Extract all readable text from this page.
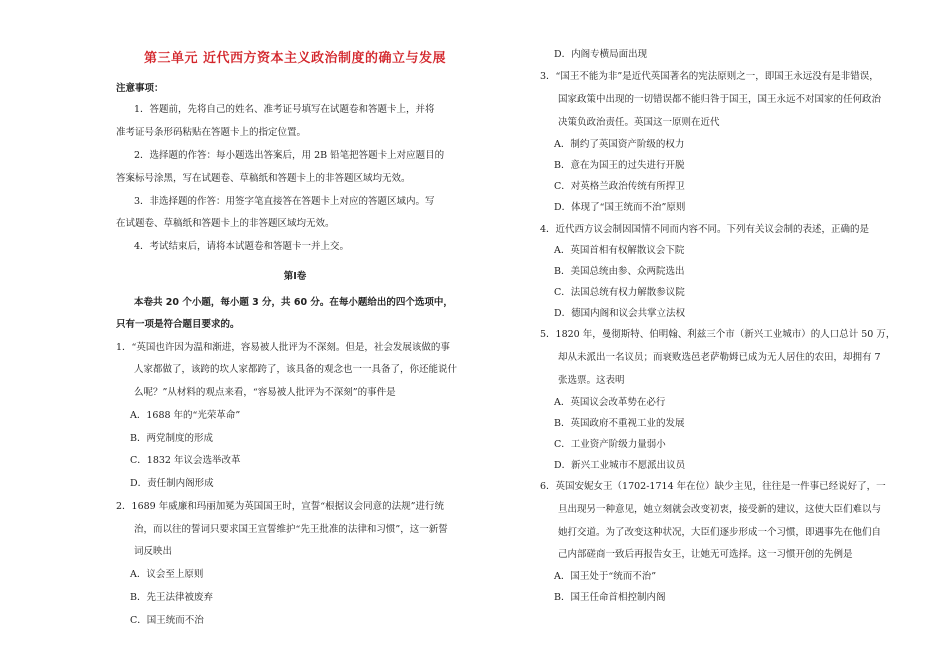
第三单元 近代西方资本主义政治制度的确立与发展
注意事项：
1．答题前，先将自己的姓名、准考证号填写在试题卷和答题卡上，并将
准考证号条形码粘贴在答题卡上的指定位置。
2．选择题的作答：每小题选出答案后，用 2B 铅笔把答题卡上对应题目的
答案标号涂黑，写在试题卷、草稿纸和答题卡上的非答题区域均无效。
3．非选择题的作答：用签字笔直接答在答题卡上对应的答题区域内。写
在试题卷、草稿纸和答题卡上的非答题区域均无效。
4．考试结束后，请将本试题卷和答题卡一并上交。
第Ⅰ卷
本卷共 20 个小题，每小题 3 分，共 60 分。在每小题给出的四个选项中，
只有一项是符合题目要求的。
1．“英国也许因为温和渐进，容易被人批评为不深刻。但是，社会发展该做的事
人家都做了，该跨的坎人家都跨了，该具备的观念也一一具备了，你还能说什
么呢？”从材料的观点来看，“容易被人批评为不深刻”的事件是
A．1688 年的“光荣革命”
B．两党制度的形成
C．1832 年议会选举改革
D．责任制内阁形成
2．1689 年威廉和玛丽加冕为英国国王时，宣誓“根据议会同意的法规”进行统
治，而以往的誓词只要求国王宣誓维护“先王批准的法律和习惯”，这一新誓
词反映出
A．议会至上原则
B．先王法律被废弃
C．国王统而不治
D．内阁专横局面出现
3．“国王不能为非”是近代英国著名的宪法原则之一，即国王永远没有是非错误，
国家政策中出现的一切错误都不能归咎于国王，国王永远不对国家的任何政治
决策负政治责任。英国这一原则在近代
A．制约了英国资产阶级的权力
B．意在为国王的过失进行开脱
C．对英格兰政治传统有所捍卫
D．体现了“国王统而不治”原则
4．近代西方议会制因国情不同而内容不同。下列有关议会制的表述，正确的是
A．英国首相有权解散议会下院
B．美国总统由参、众两院选出
C．法国总统有权力解散参议院
D．德国内阁和议会共掌立法权
5．1820 年，曼彻斯特、伯明翰、利兹三个市（新兴工业城市）的人口总计 50 万，
却从未派出一名议员；而衰败选邑老萨勒姆已成为无人居住的农田，却拥有 7
张选票。这表明
A．英国议会改革势在必行
B．英国政府不重视工业的发展
C．工业资产阶级力量弱小
D．新兴工业城市不愿派出议员
6．英国安妮女王（1702-1714 年在位）缺少主见，往往是一件事已经说好了，一
旦出现另一种意见，她立刻就会改变初衷，接受新的建议，这使大臣们难以与
她打交道。为了改变这种状况，大臣们逐步形成一个习惯，即遇事先在他们自
己内部磋商一致后再报告女王，让她无可选择。这一习惯开创的先例是
A．国王处于“统而不治”
B．国王任命首相控制内阁
